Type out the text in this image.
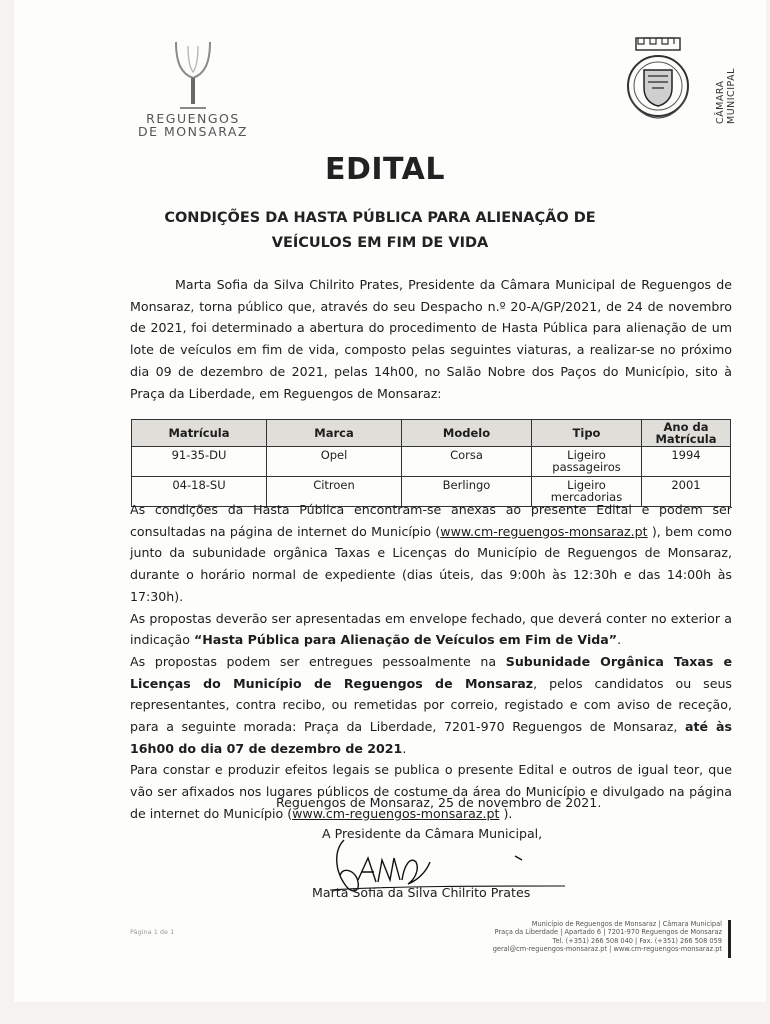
REGUENGOS
DE MONSARAZ
CÂMARA MUNICIPAL
EDITAL
CONDIÇÕES DA HASTA PÚBLICA PARA ALIENAÇÃO DE VEÍCULOS EM FIM DE VIDA
Marta Sofia da Silva Chilrito Prates, Presidente da Câmara Municipal de Reguengos de Monsaraz, torna público que, através do seu Despacho n.º 20-A/GP/2021, de 24 de novembro de 2021, foi determinado a abertura do procedimento de Hasta Pública para alienação de um lote de veículos em fim de vida, composto pelas seguintes viaturas, a realizar-se no próximo dia 09 de dezembro de 2021, pelas 14h00, no Salão Nobre dos Paços do Município, sito à Praça da Liberdade, em Reguengos de Monsaraz:
Matrícula	Marca	Modelo	Tipo	Ano da Matrícula
91-35-DU	Opel	Corsa	Ligeiro passageiros	1994
04-18-SU	Citroen	Berlingo	Ligeiro mercadorias	2001

As condições da Hasta Pública encontram-se anexas ao presente Edital e podem ser consultadas na página de internet do Município (www.cm-reguengos-monsaraz.pt ), bem como junto da subunidade orgânica Taxas e Licenças do Município de Reguengos de Monsaraz, durante o horário normal de expediente (dias úteis, das 9:00h às 12:30h e das 14:00h às 17:30h).

As propostas deverão ser apresentadas em envelope fechado, que deverá conter no exterior a indicação “Hasta Pública para Alienação de Veículos em Fim de Vida”.

As propostas podem ser entregues pessoalmente na Subunidade Orgânica Taxas e Licenças do Município de Reguengos de Monsaraz, pelos candidatos ou seus representantes, contra recibo, ou remetidas por correio, registado e com aviso de receção, para a seguinte morada: Praça da Liberdade, 7201-970 Reguengos de Monsaraz, até às 16h00 do dia 07 de dezembro de 2021.

Para constar e produzir efeitos legais se publica o presente Edital e outros de igual teor, que vão ser afixados nos lugares públicos de costume da área do Município e divulgado na página de internet do Município (www.cm-reguengos-monsaraz.pt ).

Reguengos de Monsaraz, 25 de novembro de 2021.
A Presidente da Câmara Municipal,
Marta Sofia da Silva Chilrito Prates
Página 1 de 1
Município de Reguengos de Monsaraz | Câmara Municipal
Praça da Liberdade | Apartado 6 | 7201-970 Reguengos de Monsaraz
Tel. (+351) 266 508 040 | Fax. (+351) 266 508 059
geral@cm-reguengos-monsaraz.pt | www.cm-reguengos-monsaraz.pt
